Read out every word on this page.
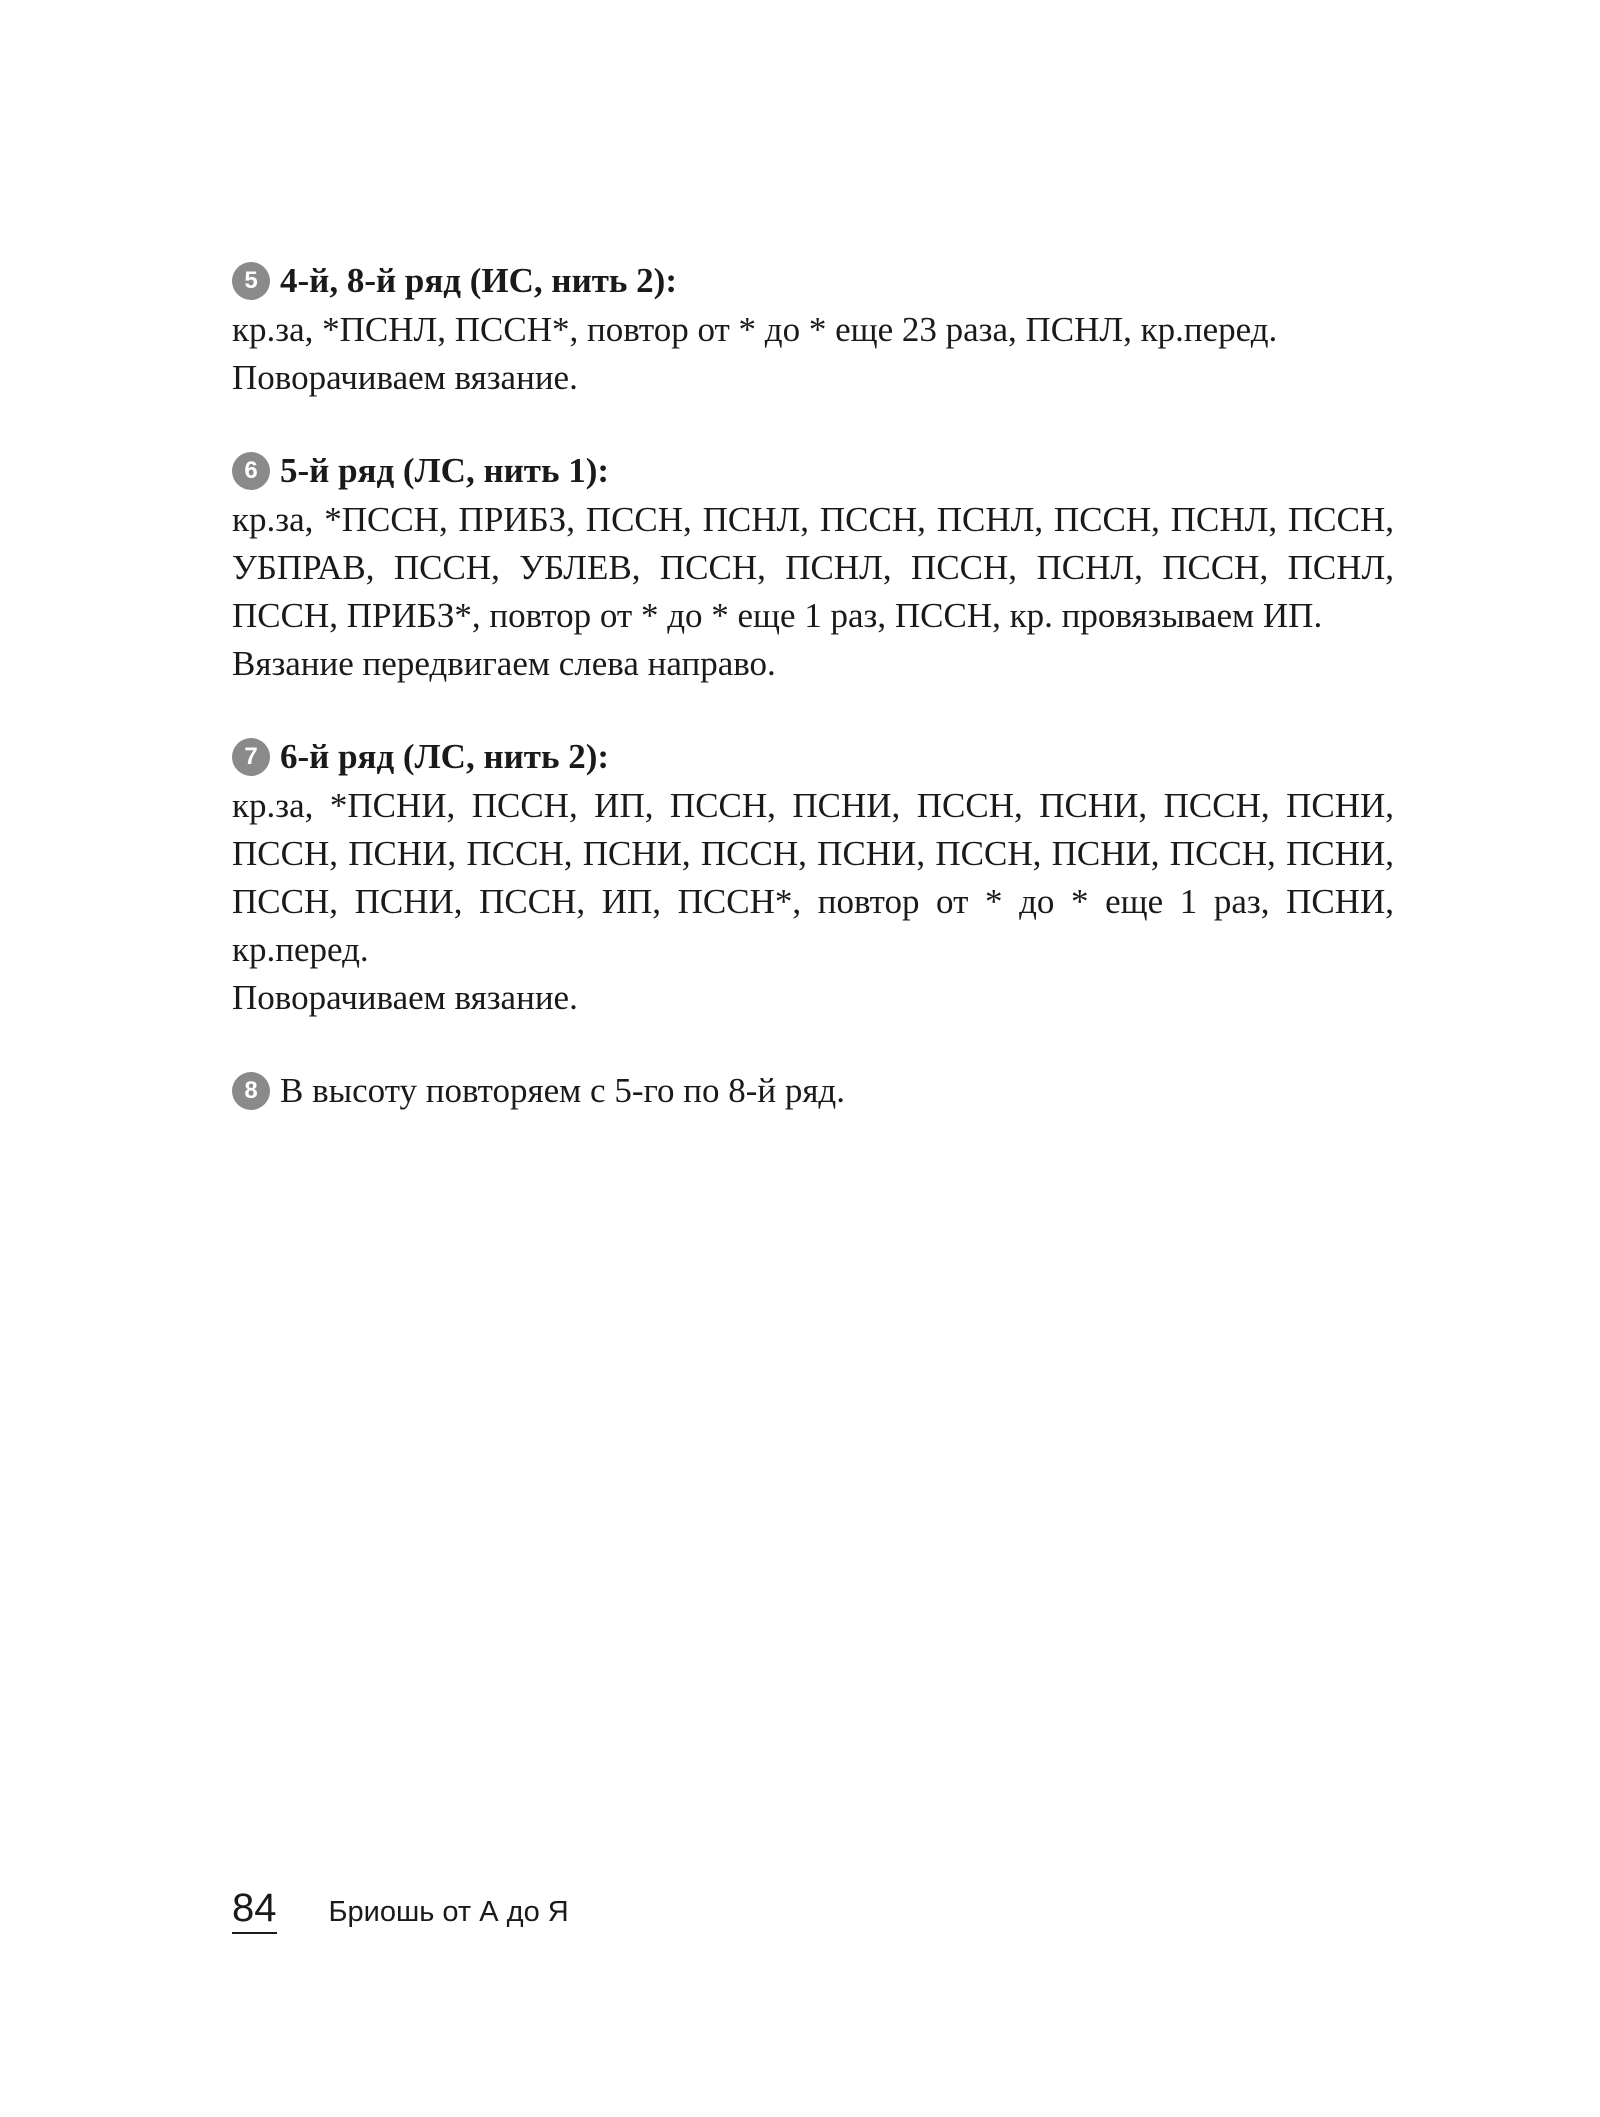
5 4-й, 8-й ряд (ИС, нить 2):

кр.за, *ПСНЛ, ПССН*, повтор от * до * еще 23 раза, ПСНЛ, кр.перед.

Поворачиваем вязание.

6 5-й ряд (ЛС, нить 1):

кр.за, *ПССН, ПРИБЗ, ПССН, ПСНЛ, ПССН, ПСНЛ, ПССН, ПСНЛ, ПССН, УБПРАВ, ПССН, УБЛЕВ, ПССН, ПСНЛ, ПССН, ПСНЛ, ПССН, ПСНЛ, ПССН, ПРИБЗ*, повтор от * до * еще 1 раз, ПССН, кр. провязываем ИП.

Вязание передвигаем слева направо.

7 6-й ряд (ЛС, нить 2):

кр.за, *ПСНИ, ПССН, ИП, ПССН, ПСНИ, ПССН, ПСНИ, ПССН, ПСНИ, ПССН, ПСНИ, ПССН, ПСНИ, ПССН, ПСНИ, ПССН, ПСНИ, ПССН, ПСНИ, ПССН, ПСНИ, ПССН, ИП, ПССН*, повтор от * до * еще 1 раз, ПСНИ, кр.перед.

Поворачиваем вязание.

8 В высоту повторяем с 5-го по 8-й ряд.
84 Бриошь от А до Я
